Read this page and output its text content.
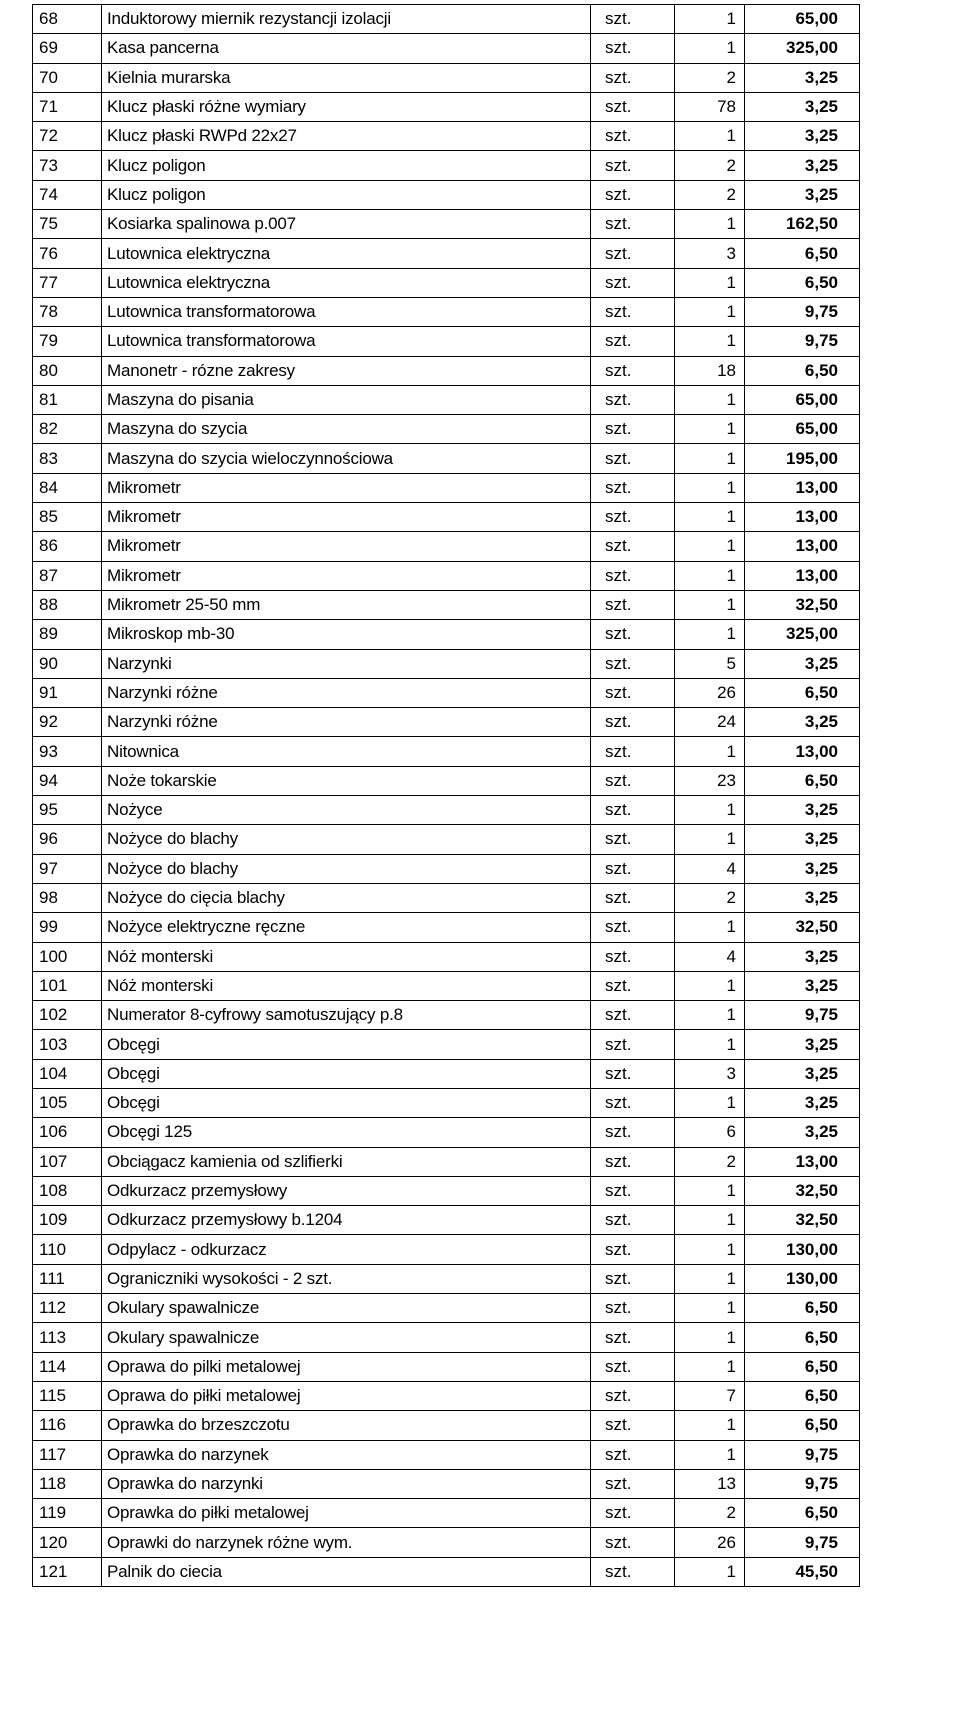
68	Induktorowy miernik rezystancji izolacji	szt.	1	65,00
69	Kasa pancerna	szt.	1	325,00
70	Kielnia murarska	szt.	2	3,25
71	Klucz płaski różne wymiary	szt.	78	3,25
72	Klucz płaski RWPd 22x27	szt.	1	3,25
73	Klucz poligon	szt.	2	3,25
74	Klucz poligon	szt.	2	3,25
75	Kosiarka spalinowa p.007	szt.	1	162,50
76	Lutownica elektryczna	szt.	3	6,50
77	Lutownica elektryczna	szt.	1	6,50
78	Lutownica transformatorowa	szt.	1	9,75
79	Lutownica transformatorowa	szt.	1	9,75
80	Manonetr - rózne zakresy	szt.	18	6,50
81	Maszyna do pisania	szt.	1	65,00
82	Maszyna do szycia	szt.	1	65,00
83	Maszyna do szycia wieloczynnościowa	szt.	1	195,00
84	Mikrometr	szt.	1	13,00
85	Mikrometr	szt.	1	13,00
86	Mikrometr	szt.	1	13,00
87	Mikrometr	szt.	1	13,00
88	Mikrometr 25-50 mm	szt.	1	32,50
89	Mikroskop mb-30	szt.	1	325,00
90	Narzynki	szt.	5	3,25
91	Narzynki różne	szt.	26	6,50
92	Narzynki różne	szt.	24	3,25
93	Nitownica	szt.	1	13,00
94	Noże tokarskie	szt.	23	6,50
95	Nożyce	szt.	1	3,25
96	Nożyce do blachy	szt.	1	3,25
97	Nożyce do blachy	szt.	4	3,25
98	Nożyce do cięcia blachy	szt.	2	3,25
99	Nożyce elektryczne ręczne	szt.	1	32,50
100	Nóż monterski	szt.	4	3,25
101	Nóż monterski	szt.	1	3,25
102	Numerator 8-cyfrowy samotuszujący p.8	szt.	1	9,75
103	Obcęgi	szt.	1	3,25
104	Obcęgi	szt.	3	3,25
105	Obcęgi	szt.	1	3,25
106	Obcęgi 125	szt.	6	3,25
107	Obciągacz kamienia od szlifierki	szt.	2	13,00
108	Odkurzacz przemysłowy	szt.	1	32,50
109	Odkurzacz przemysłowy b.1204	szt.	1	32,50
110	Odpylacz - odkurzacz	szt.	1	130,00
111	Ograniczniki wysokości - 2 szt.	szt.	1	130,00
112	Okulary spawalnicze	szt.	1	6,50
113	Okulary spawalnicze	szt.	1	6,50
114	Oprawa do pilki metalowej	szt.	1	6,50
115	Oprawa do piłki metalowej	szt.	7	6,50
116	Oprawka do brzeszczotu	szt.	1	6,50
117	Oprawka do narzynek	szt.	1	9,75
118	Oprawka do narzynki	szt.	13	9,75
119	Oprawka do piłki metalowej	szt.	2	6,50
120	Oprawki do narzynek różne wym.	szt.	26	9,75
121	Palnik do ciecia	szt.	1	45,50
